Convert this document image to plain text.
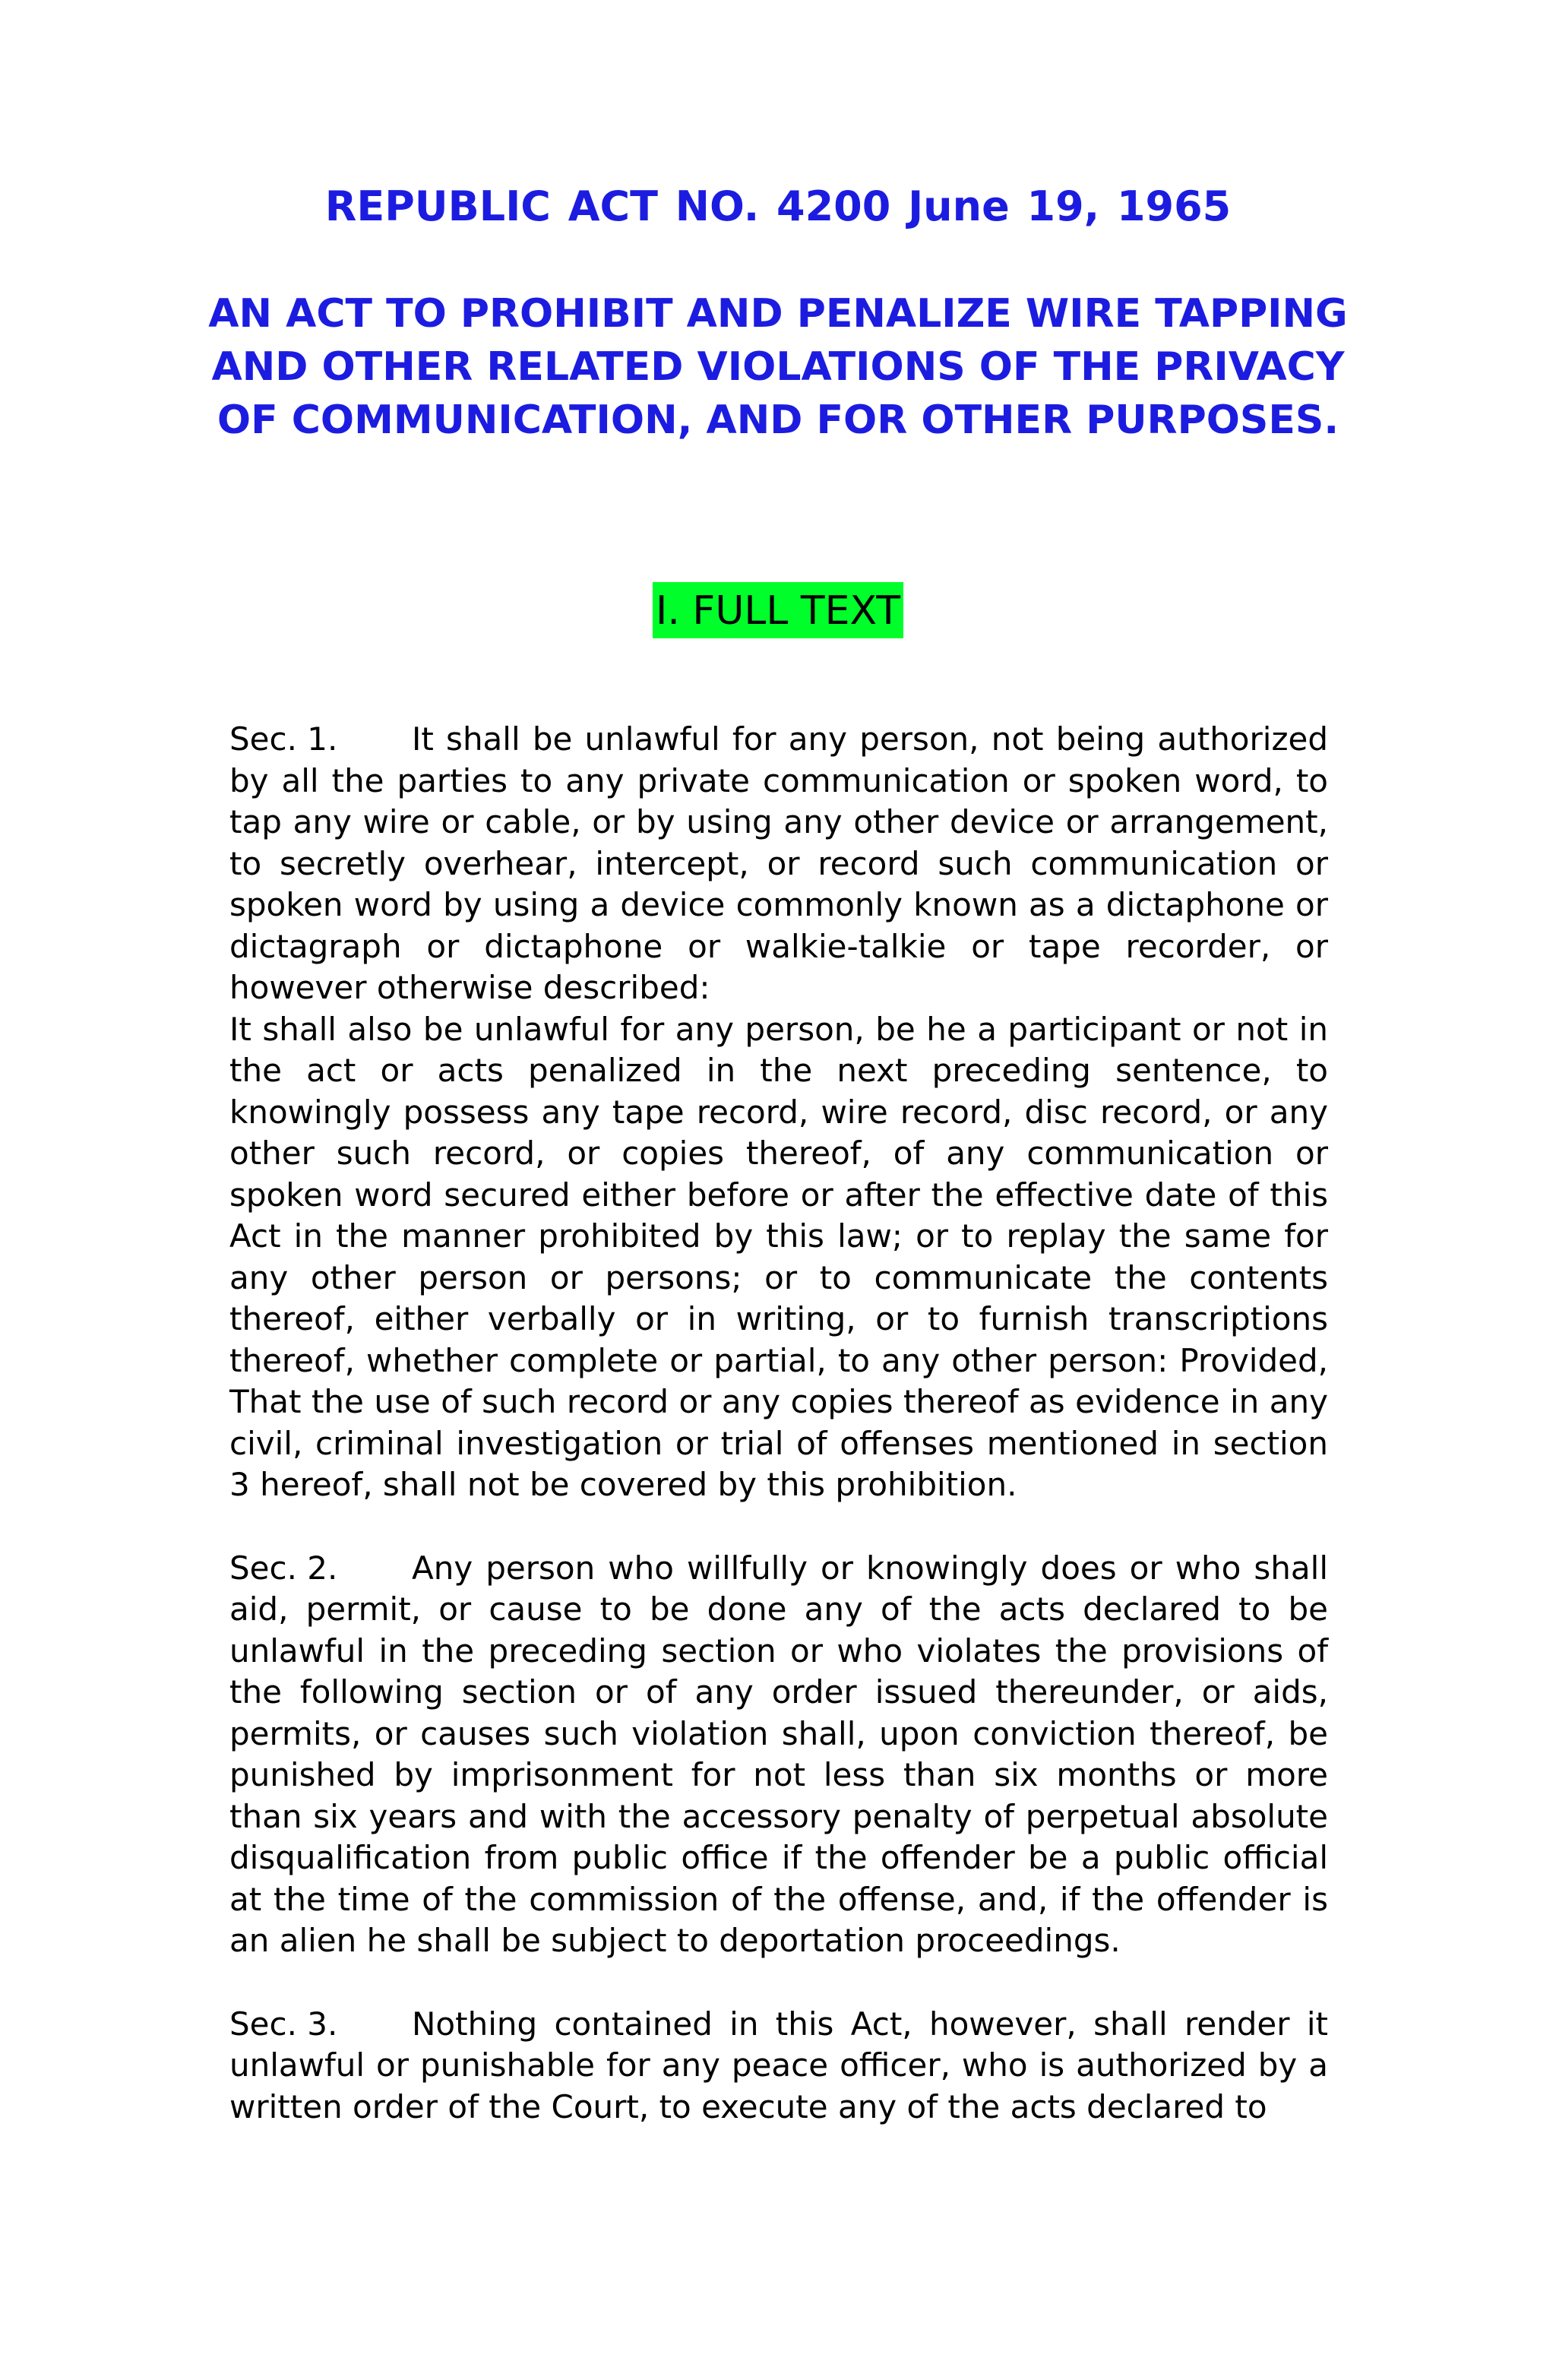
REPUBLIC ACT NO. 4200 June 19, 1965
AN ACT TO PROHIBIT AND PENALIZE WIRE TAPPING
AND OTHER RELATED VIOLATIONS OF THE PRIVACY
OF COMMUNICATION, AND FOR OTHER PURPOSES.
I. FULL TEXT

Sec. 1. It shall be unlawful for any person, not being authorized by all the parties to any private communication or spoken word, to tap any wire or cable, or by using any other device or arrangement, to secretly overhear, intercept, or record such communication or spoken word by using a device commonly known as a dictaphone or dictagraph or dictaphone or walkie-talkie or tape recorder, or however otherwise described:

It shall also be unlawful for any person, be he a participant or not in the act or acts penalized in the next preceding sentence, to knowingly possess any tape record, wire record, disc record, or any other such record, or copies thereof, of any communication or spoken word secured either before or after the effective date of this Act in the manner prohibited by this law; or to replay the same for any other person or persons; or to communicate the contents thereof, either verbally or in writing, or to furnish transcriptions thereof, whether complete or partial, to any other person: Provided, That the use of such record or any copies thereof as evidence in any civil, criminal investigation or trial of offenses mentioned in section 3 hereof, shall not be covered by this prohibition.

Sec. 2. Any person who willfully or knowingly does or who shall aid, permit, or cause to be done any of the acts declared to be unlawful in the preceding section or who violates the provisions of the following section or of any order issued thereunder, or aids, permits, or causes such violation shall, upon conviction thereof, be punished by imprisonment for not less than six months or more than six years and with the accessory penalty of perpetual absolute disqualification from public office if the offender be a public official at the time of the commission of the offense, and, if the offender is an alien he shall be subject to deportation proceedings.

Sec. 3. Nothing contained in this Act, however, shall render it unlawful or punishable for any peace officer, who is authorized by a written order of the Court, to execute any of the acts declared to
